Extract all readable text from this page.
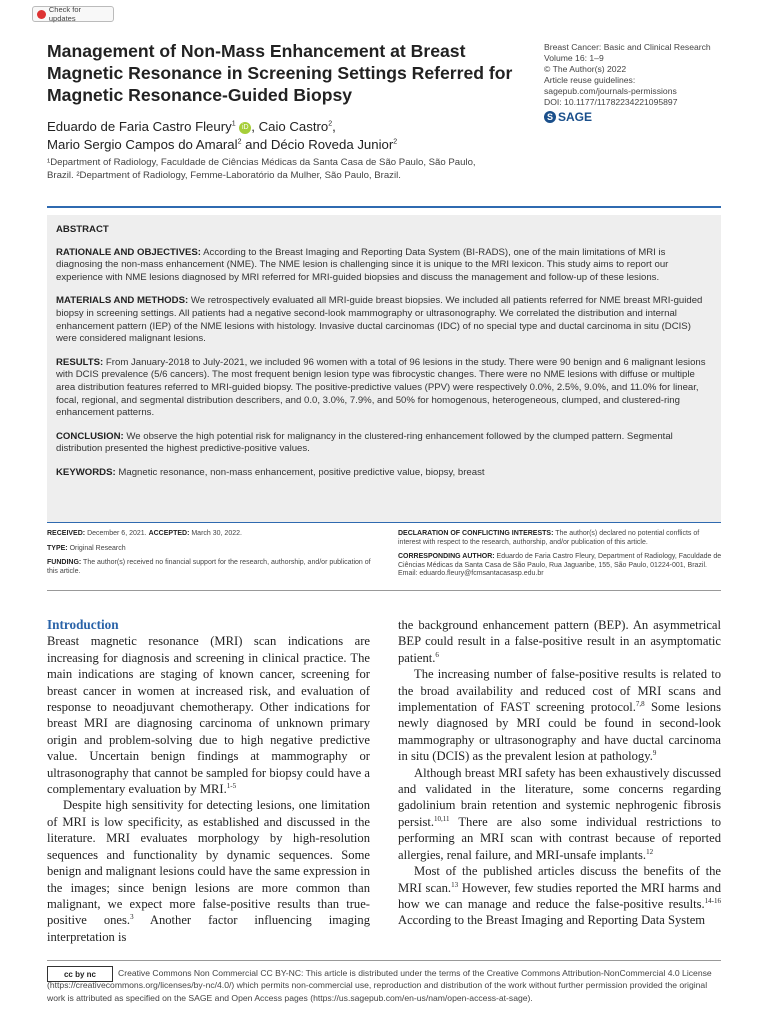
Check for updates
Management of Non-Mass Enhancement at Breast Magnetic Resonance in Screening Settings Referred for Magnetic Resonance-Guided Biopsy
Breast Cancer: Basic and Clinical Research
Volume 16: 1–9
© The Author(s) 2022
Article reuse guidelines:
sagepub.com/journals-permissions
DOI: 10.1177/11782234221095897
S SAGE
Eduardo de Faria Castro Fleury$^1$ iD , Caio Castro$^2$,
Mario Sergio Campos do Amaral$^2$ and Décio Roveda Junior$^2$
¹Department of Radiology, Faculdade de Ciências Médicas da Santa Casa de São Paulo, São Paulo, Brazil. ²Department of Radiology, Femme-Laboratório da Mulher, São Paulo, Brazil.

ABSTRACT

RATIONALE AND OBJECTIVES: According to the Breast Imaging and Reporting Data System (BI-RADS), one of the main limitations of MRI is diagnosing the non-mass enhancement (NME). The NME lesion is challenging since it is unique to the MRI lexicon. This study aims to report our experience with NME lesions diagnosed by MRI referred for MRI-guided biopsies and discuss the management and follow-up of these lesions.

MATERIALS AND METHODS: We retrospectively evaluated all MRI-guide breast biopsies. We included all patients referred for NME breast MRI-guided biopsy in screening settings. All patients had a negative second-look mammography or ultrasonography. We correlated the distribution and internal enhancement pattern (IEP) of the NME lesions with histology. Invasive ductal carcinomas (IDC) of no special type and ductal carcinoma in situ (DCIS) were considered malignant lesions.

RESULTS: From January-2018 to July-2021, we included 96 women with a total of 96 lesions in the study. There were 90 benign and 6 malignant lesions with DCIS prevalence (5/6 cancers). The most frequent benign lesion type was fibrocystic changes. There were no NME lesions with diffuse or multiple area distribution features referred to MRI-guided biopsy. The positive-predictive values (PPV) were respectively 0.0%, 2.5%, 9.0%, and 11.0% for linear, focal, regional, and segmental distribution describers, and 0.0, 3.0%, 7.9%, and 50% for homogenous, heterogeneous, clumped, and clustered-ring enhancement patterns.

CONCLUSION: We observe the high potential risk for malignancy in the clustered-ring enhancement followed by the clumped pattern. Segmental distribution presented the highest predictive-positive values.

KEYWORDS: Magnetic resonance, non-mass enhancement, positive predictive value, biopsy, breast

RECEIVED: December 6, 2021. ACCEPTED: March 30, 2022.

TYPE: Original Research

FUNDING: The author(s) received no financial support for the research, authorship, and/or publication of this article.

DECLARATION OF CONFLICTING INTERESTS: The author(s) declared no potential conflicts of interest with respect to the research, authorship, and/or publication of this article.

CORRESPONDING AUTHOR: Eduardo de Faria Castro Fleury, Department of Radiology, Faculdade de Ciências Médicas da Santa Casa de São Paulo, Rua Jaguaribe, 155, São Paulo, 01224-001, Brazil. Email: eduardo.fleury@fcmsantacasasp.edu.br

Introduction

Breast magnetic resonance (MRI) scan indications are increasing for diagnosis and screening in clinical practice. The main indications are staging of known cancer, screening for breast cancer in women at increased risk, and evaluation of response to neoadjuvant chemotherapy. Other indications for breast MRI are diagnosing carcinoma of unknown primary origin and problem-solving due to high negative predictive value. Uncertain benign findings at mammography or ultrasonography that cannot be sampled for biopsy could have a complementary evaluation by MRI.$^{1-5}$

Despite high sensitivity for detecting lesions, one limitation of MRI is low specificity, as established and discussed in the literature. MRI evaluates morphology by high-resolution sequences and functionality by dynamic sequences. Some benign and malignant lesions could have the same expression in the images; since benign lesions are more common than malignant, we expect more false-positive results than true-positive ones.$^3$ Another factor influencing imaging interpretation is

the background enhancement pattern (BEP). An asymmetrical BEP could result in a false-positive result in an asymptomatic patient.$^6$

The increasing number of false-positive results is related to the broad availability and reduced cost of MRI scans and implementation of FAST screening protocol.$^{7,8}$ Some lesions newly diagnosed by MRI could be found in second-look mammography or ultrasonography and have ductal carcinoma in situ (DCIS) as the prevalent lesion at pathology.$^9$

Although breast MRI safety has been exhaustively discussed and validated in the literature, some concerns regarding gadolinium brain retention and systemic nephrogenic fibrosis persist.$^{10,11}$ There are also some individual restrictions to performing an MRI scan with contrast because of reported allergies, renal failure, and MRI-unsafe implants.$^{12}$

Most of the published articles discuss the benefits of the MRI scan.$^{13}$ However, few studies reported the MRI harms and how we can manage and reduce the false-positive results.$^{14-16}$ According to the Breast Imaging and Reporting Data System

cc by nc	Creative Commons Non Commercial CC BY-NC: This article is distributed under the terms of the Creative Commons Attribution-NonCommercial 4.0 License (https://creativecommons.org/licenses/by-nc/4.0/) which permits non-commercial use, reproduction and distribution of the work without further permission provided the original work is attributed as specified on the SAGE and Open Access pages (https://us.sagepub.com/en-us/nam/open-access-at-sage).
